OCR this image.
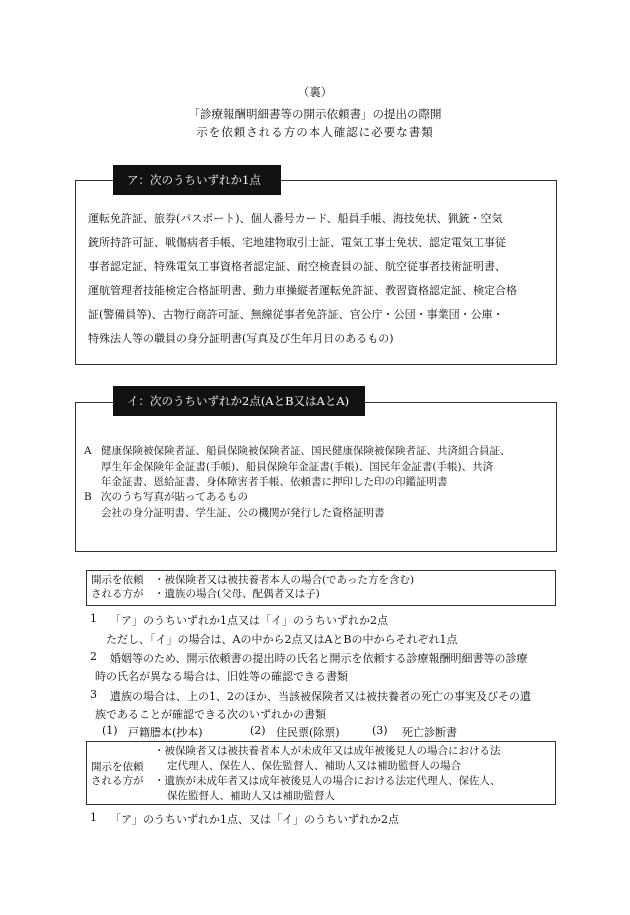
（裏）
「診療報酬明細書等の開示依頼書」の提出の際開
示を依頼される方の本人確認に必要な書類
ア：次のうちいずれか1点
運転免許証、旅券(パスポート)、個人番号カード、船員手帳、海技免状、猟銃・空気
銃所持許可証、戦傷病者手帳、宅地建物取引士証、電気工事士免状、認定電気工事従
事者認定証、特殊電気工事資格者認定証、耐空検査員の証、航空従事者技術証明書、
運航管理者技能検定合格証明書、動力車操縦者運転免許証、教習資格認定証、検定合格
証(警備員等)、古物行商許可証、無線従事者免許証、官公庁・公団・事業団・公庫・
特殊法人等の職員の身分証明書(写真及び生年月日のあるもの)
イ：次のうちいずれか2点(AとB又はAとA)
A 健康保険被保険者証、船員保険被保険者証、国民健康保険被保険者証、共済組合員証、
厚生年金保険年金証書(手帳)、船員保険年金証書(手帳)、国民年金証書(手帳)、共済
年金証書、恩給証書、身体障害者手帳、依頼書に押印した印の印鑑証明書
B 次のうち写真が貼ってあるもの
会社の身分証明書、学生証、公の機関が発行した資格証明書
開示を依頼
される方が
・被保険者又は被扶養者本人の場合(であった方を含む)
・遺族の場合(父母、配偶者又は子)
1 「ア」のうちいずれか1点又は「イ」のうちいずれか2点
ただし、「イ」の場合は、Aの中から2点又はAとBの中からそれぞれ1点
2 婚姻等のため、開示依頼書の提出時の氏名と開示を依頼する診療報酬明細書等の診療
時の氏名が異なる場合は、旧姓等の確認できる書類
3 遺族の場合は、上の1、2のほか、当該被保険者又は被扶養者の死亡の事実及びその遺
族であることが確認できる次のいずれかの書類
(1) 戸籍謄本(抄本)	(2) 住民票(除票)	(3) 死亡診断書
開示を依頼
される方が
・被保険者又は被扶養者本人が未成年又は成年被後見人の場合における法
定代理人、保佐人、保佐監督人、補助人又は補助監督人の場合
・遺族が未成年者又は成年被後見人の場合における法定代理人、保佐人、
保佐監督人、補助人又は補助監督人
1 「ア」のうちいずれか1点、又は「イ」のうちいずれか2点
